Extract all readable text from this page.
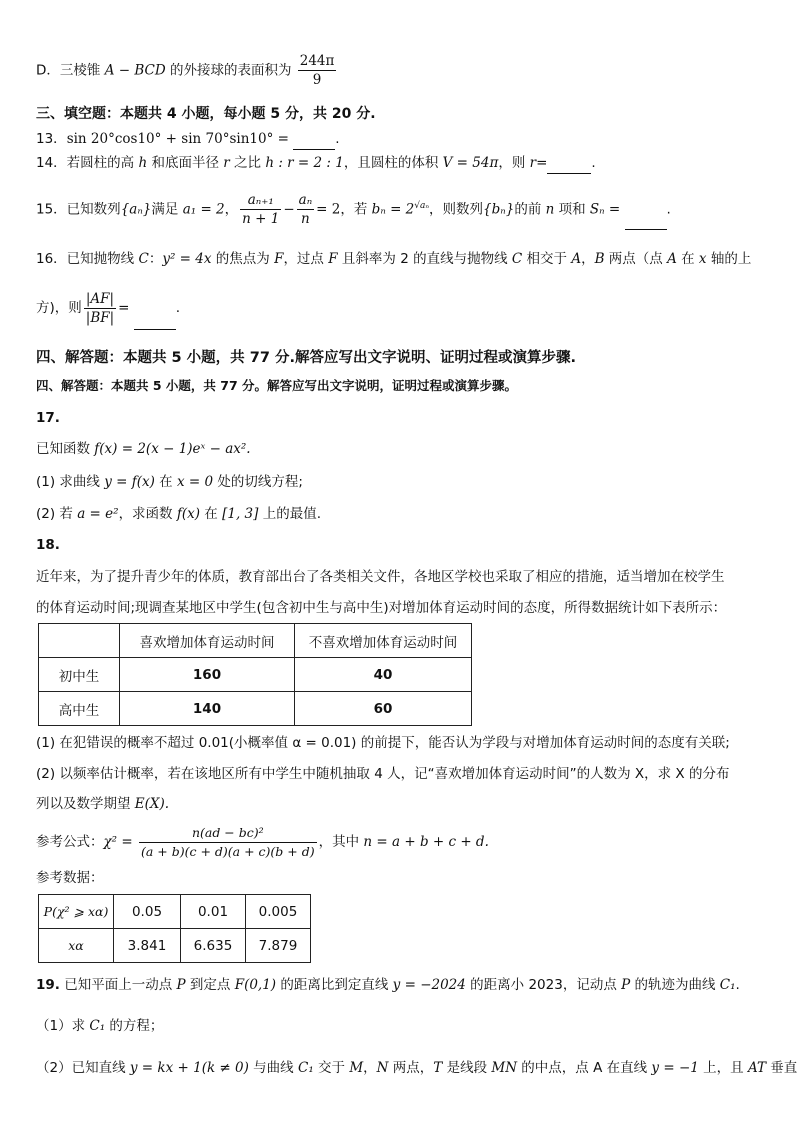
D．三棱锥 A − BCD 的外接球的表面积为 $\frac{244\pi}{9}$
三、填空题：本题共 4 小题，每小题 5 分，共 20 分.
13．sin 20°cos10° + sin 70°sin10° =	.
14．若圆柱的高 h 和底面半径 r 之比 h : r = 2 : 1，且圆柱的体积 V = 54π，则 r=	.
15．已知数列{aₙ}满足 a₁ = 2， $\frac{\text{aₙ₊₁}}{n + 1} - \frac{\text{aₙ}}{n} = 2$，若 $b_n = 2^{√a_n}$，则数列{bₙ}的前 n 项和 Sₙ =	.
16．已知抛物线 C：y² = 4x 的焦点为 F，过点 F 且斜率为 2 的直线与抛物线 C 相交于 A，B 两点（点 A 在 x 轴的上
方)，则 $\frac{|AF|}{|BF|}$ =	.
四、解答题：本题共 5 小题，共 77 分.解答应写出文字说明、证明过程或演算步骤.
四、解答题：本题共 5 小题，共 77 分。解答应写出文字说明，证明过程或演算步骤。
17.
已知函数 f(x) = 2(x − 1)eˣ − ax².
(1) 求曲线 y = f(x) 在 x = 0 处的切线方程;
(2) 若 a = e²，求函数 f(x) 在 [1, 3] 上的最值.
18.
近年来，为了提升青少年的体质，教育部出台了各类相关文件，各地区学校也采取了相应的措施，适当增加在校学生
的体育运动时间;现调查某地区中学生(包含初中生与高中生)对增加体育运动时间的态度，所得数据统计如下表所示：
	喜欢增加体育运动时间	不喜欢增加体育运动时间
初中生	160	40
高中生	140	60
(1) 在犯错误的概率不超过 0.01(小概率值 α = 0.01) 的前提下，能否认为学段与对增加体育运动时间的态度有关联;
(2) 以频率估计概率，若在该地区所有中学生中随机抽取 4 人，记“喜欢增加体育运动时间”的人数为 X，求 X 的分布
列以及数学期望 E(X).
参考公式：$\chi^2 = \frac{\text{n(ad − bc)²}}{(a + b)(c + d)(a + c)(b + d)}$ ，其中 n = a + b + c + d.
参考数据：
P(χ² ⩾ xα)	0.05	0.01	0.005
xα	3.841	6.635	7.879
19. 已知平面上一动点 P 到定点 F(0,1) 的距离比到定直线 y = −2024 的距离小 2023，记动点 P 的轨迹为曲线 C₁.
（1）求 C₁ 的方程；
（2）已知直线 y = kx + 1(k ≠ 0) 与曲线 C₁ 交于 M，N 两点，T 是线段 MN 的中点，点 A 在直线 y = −1 上，且 AT 垂直
